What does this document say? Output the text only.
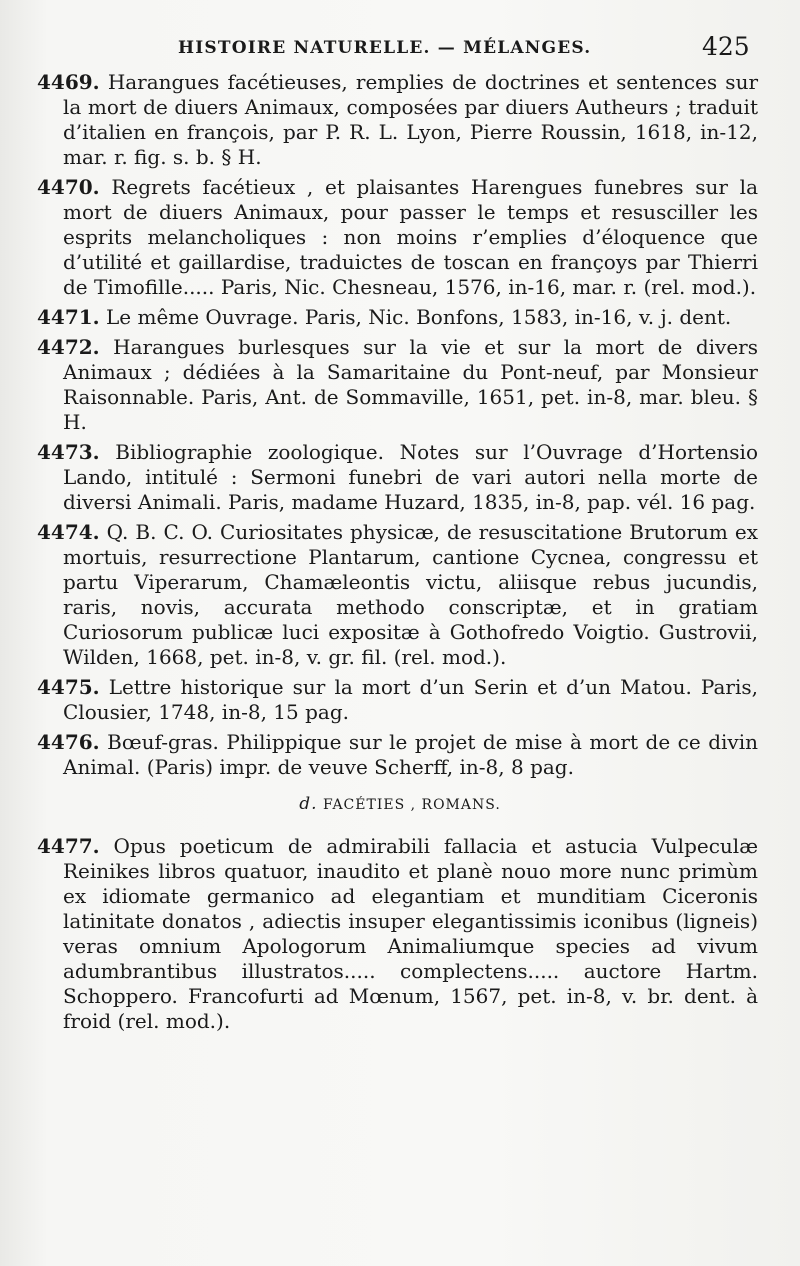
HISTOIRE NATURELLE. — MÉLANGES.	425

4469. Harangues facétieuses, remplies de doctrines et sentences sur la mort de diuers Animaux, composées par diuers Autheurs ; traduit d’italien en françois, par P. R. L. Lyon, Pierre Roussin, 1618, in-12, mar. r. fig. s. b. § H.

4470. Regrets facétieux , et plaisantes Harengues funebres sur la mort de diuers Animaux, pour passer le temps et resusciller les esprits melancholiques : non moins r’emplies d’éloquence que d’utilité et gaillardise, traduictes de toscan en françoys par Thierri de Timofille..... Paris, Nic. Chesneau, 1576, in-16, mar. r. (rel. mod.).

4471. Le même Ouvrage. Paris, Nic. Bonfons, 1583, in-16, v. j. dent.

4472. Harangues burlesques sur la vie et sur la mort de divers Animaux ; dédiées à la Samaritaine du Pont-neuf, par Monsieur Raisonnable. Paris, Ant. de Sommaville, 1651, pet. in-8, mar. bleu. § H.

4473. Bibliographie zoologique. Notes sur l’Ouvrage d’Hortensio Lando, intitulé : Sermoni funebri de vari autori nella morte de diversi Animali. Paris, madame Huzard, 1835, in-8, pap. vél. 16 pag.

4474. Q. B. C. O. Curiositates physicæ, de resuscitatione Brutorum ex mortuis, resurrectione Plantarum, cantione Cycnea, congressu et partu Viperarum, Chamæleontis victu, aliisque rebus jucundis, raris, novis, accurata methodo conscriptæ, et in gratiam Curiosorum publicæ luci expositæ à Gothofredo Voigtio. Gustrovii, Wilden, 1668, pet. in-8, v. gr. fil. (rel. mod.).

4475. Lettre historique sur la mort d’un Serin et d’un Matou. Paris, Clousier, 1748, in-8, 15 pag.

4476. Bœuf-gras. Philippique sur le projet de mise à mort de ce divin Animal. (Paris) impr. de veuve Scherff, in-8, 8 pag.

d. FACÉTIES , ROMANS.

4477. Opus poeticum de admirabili fallacia et astucia Vulpeculæ Reinikes libros quatuor, inaudito et planè nouo more nunc primùm ex idiomate germanico ad elegantiam et munditiam Ciceronis latinitate donatos , adiectis insuper elegantissimis iconibus (ligneis) veras omnium Apologorum Animaliumque species ad vivum adumbrantibus illustratos..... complectens..... auctore Hartm. Schoppero. Francofurti ad Mœnum, 1567, pet. in-8, v. br. dent. à froid (rel. mod.).
